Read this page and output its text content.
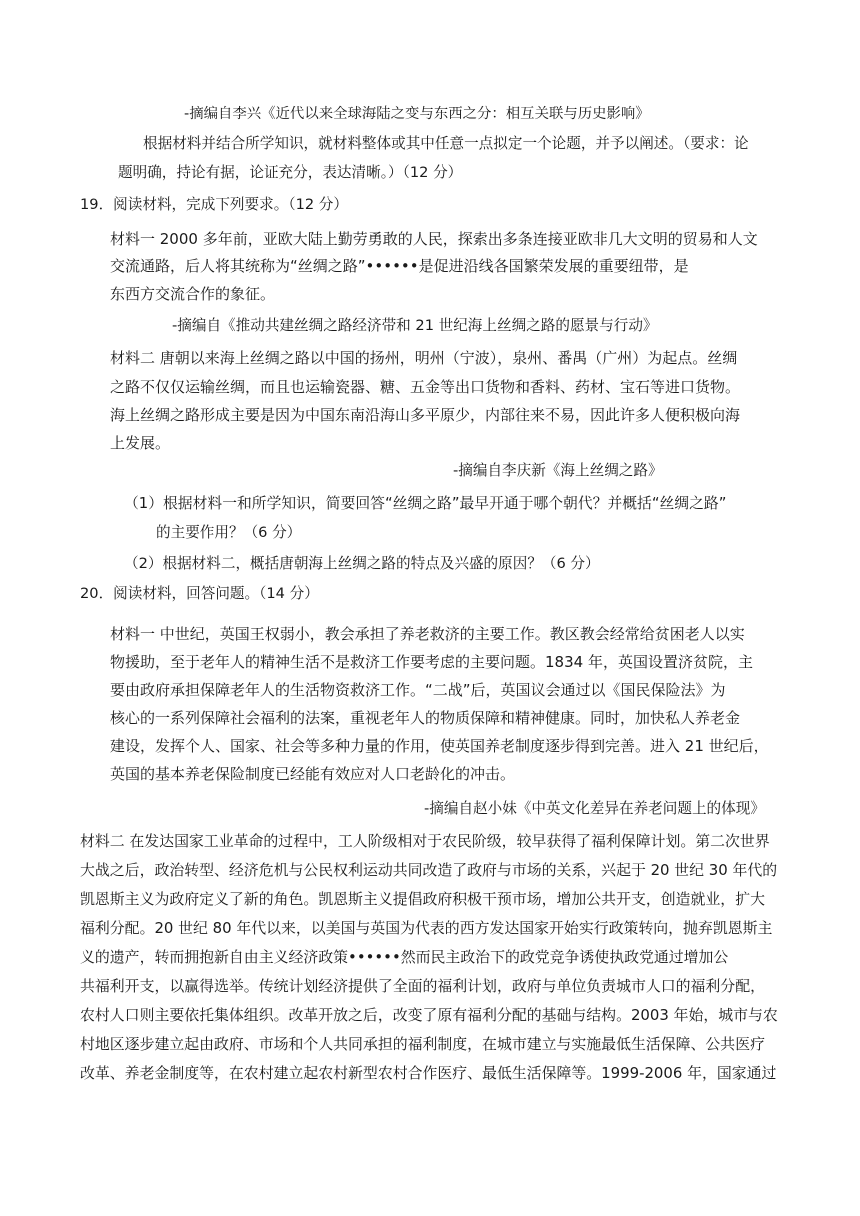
-摘编自李兴《近代以来全球海陆之变与东西之分：相互关联与历史影响》
根据材料并结合所学知识，就材料整体或其中任意一点拟定一个论题，并予以阐述。（要求：论
题明确，持论有据，论证充分，表达清晰。）（12 分）
19．阅读材料，完成下列要求。（12 分）
材料一 2000 多年前，亚欧大陆上勤劳勇敢的人民，探索出多条连接亚欧非几大文明的贸易和人文
交流通路，后人将其统称为“丝绸之路”••••••是促进沿线各国繁荣发展的重要纽带，是
东西方交流合作的象征。
-摘编自《推动共建丝绸之路经济带和 21 世纪海上丝绸之路的愿景与行动》
材料二 唐朝以来海上丝绸之路以中国的扬州，明州（宁波），泉州、番禺（广州）为起点。丝绸
之路不仅仅运输丝绸，而且也运输瓷器、糖、五金等出口货物和香料、药材、宝石等进口货物。
海上丝绸之路形成主要是因为中国东南沿海山多平原少，内部往来不易，因此许多人便积极向海
上发展。
-摘编自李庆新《海上丝绸之路》
（1）根据材料一和所学知识，简要回答“丝绸之路”最早开通于哪个朝代？并概括“丝绸之路”
的主要作用？（6 分）
（2）根据材料二，概括唐朝海上丝绸之路的特点及兴盛的原因？（6 分）
20．阅读材料，回答问题。（14 分）
材料一 中世纪，英国王权弱小，教会承担了养老救济的主要工作。教区教会经常给贫困老人以实
物援助，至于老年人的精神生活不是救济工作要考虑的主要问题。1834 年，英国设置济贫院，主
要由政府承担保障老年人的生活物资救济工作。“二战”后，英国议会通过以《国民保险法》为
核心的一系列保障社会福利的法案，重视老年人的物质保障和精神健康。同时，加快私人养老金
建设，发挥个人、国家、社会等多种力量的作用，使英国养老制度逐步得到完善。进入 21 世纪后，
英国的基本养老保险制度已经能有效应对人口老龄化的冲击。
-摘编自赵小妹《中英文化差异在养老问题上的体现》
材料二 在发达国家工业革命的过程中，工人阶级相对于农民阶级，较早获得了福利保障计划。第二次世界
大战之后，政治转型、经济危机与公民权利运动共同改造了政府与市场的关系，兴起于 20 世纪 30 年代的
凯恩斯主义为政府定义了新的角色。凯恩斯主义提倡政府积极干预市场，增加公共开支，创造就业，扩大
福利分配。20 世纪 80 年代以来，以美国与英国为代表的西方发达国家开始实行政策转向，抛弃凯恩斯主
义的遗产，转而拥抱新自由主义经济政策••••••然而民主政治下的政党竞争诱使执政党通过增加公
共福利开支，以赢得选举。传统计划经济提供了全面的福利计划，政府与单位负责城市人口的福利分配，
农村人口则主要依托集体组织。改革开放之后，改变了原有福利分配的基础与结构。2003 年始，城市与农
村地区逐步建立起由政府、市场和个人共同承担的福利制度，在城市建立与实施最低生活保障、公共医疗
改革、养老金制度等，在农村建立起农村新型农村合作医疗、最低生活保障等。1999-2006 年，国家通过
